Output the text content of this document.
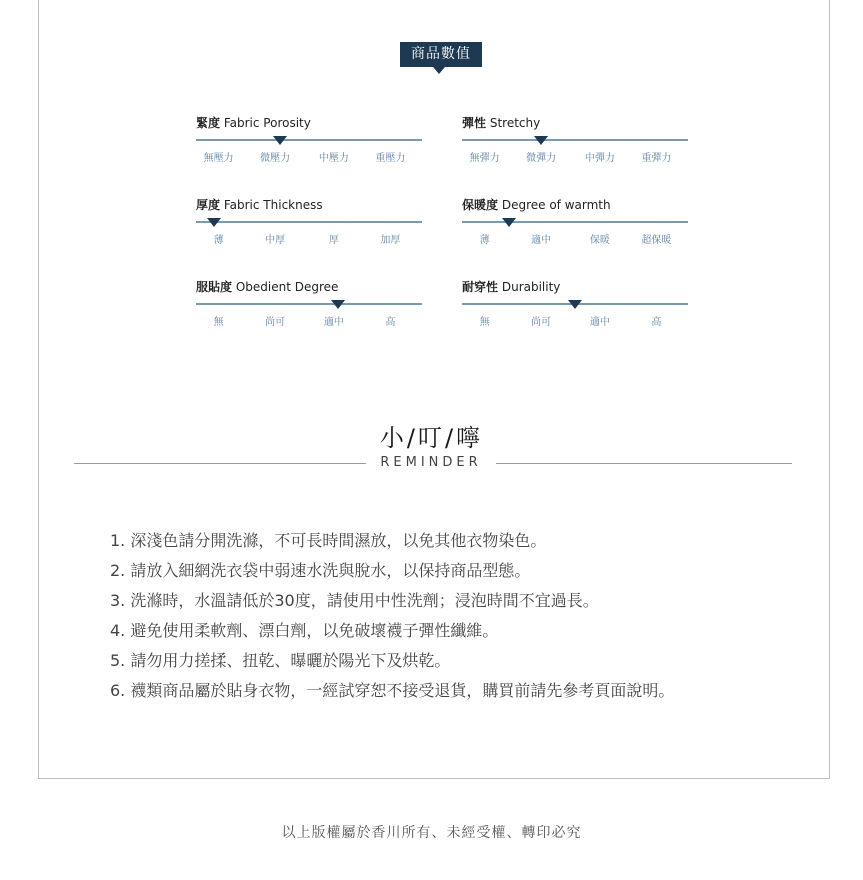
商品數值
緊度 Fabric Porosity
無壓力	微壓力	中壓力	重壓力
彈性 Stretchy
無彈力	微彈力	中彈力	重彈力
厚度 Fabric Thickness
薄	中厚	厚	加厚
保暖度 Degree of warmth
薄	適中	保暖	超保暖
服貼度 Obedient Degree
無	尚可	適中	高
耐穿性 Durability
無	尚可	適中	高
小/叮/嚀
REMINDER
1. 深淺色請分開洗滌，不可長時間濕放，以免其他衣物染色。
2. 請放入細網洗衣袋中弱速水洗與脫水，以保持商品型態。
3. 洗滌時，水溫請低於30度，請使用中性洗劑；浸泡時間不宜過長。
4. 避免使用柔軟劑、漂白劑，以免破壞襪子彈性纖維。
5. 請勿用力搓揉、扭乾、曝曬於陽光下及烘乾。
6. 襪類商品屬於貼身衣物，一經試穿恕不接受退貨，購買前請先參考頁面說明。
以上版權屬於香川所有、未經受權、轉印必究
